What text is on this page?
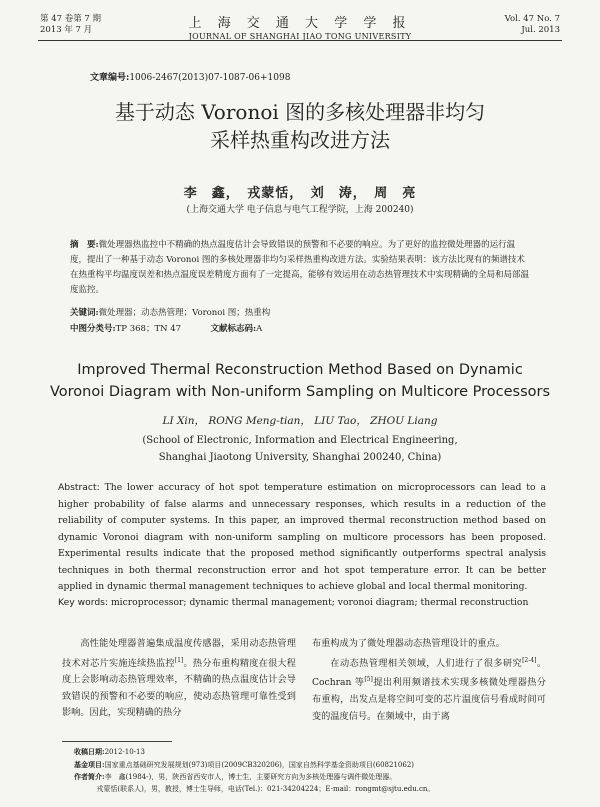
第 47 卷第 7 期
2013 年 7 月	上 海 交 通 大 学 学 报
JOURNAL OF SHANGHAI JIAO TONG UNIVERSITY
Vol. 47 No. 7
Jul. 2013
文章编号:1006-2467(2013)07-1087-06+1098
基于动态 Voronoi 图的多核处理器非均匀
采样热重构改进方法
李　鑫，　戎蒙恬，　刘　涛，　周　亮
(上海交通大学 电子信息与电气工程学院，上海 200240)
摘　要:微处理器热监控中不精确的热点温度估计会导致错误的预警和不必要的响应。为了更好的监控微处理器的运行温度，提出了一种基于动态 Voronoi 图的多核处理器非均匀采样热重构改进方法。实验结果表明：该方法比现有的频谱技术在热重构平均温度误差和热点温度误差精度方面有了一定提高，能够有效运用在动态热管理技术中实现精确的全局和局部温度监控。
关键词:微处理器；动态热管理；Voronoi 图；热重构
中图分类号:TP 368；TN 47	文献标志码:A
Improved Thermal Reconstruction Method Based on Dynamic
Voronoi Diagram with Non-uniform Sampling on Multicore Processors
LI Xin， RONG Meng-tian， LIU Tao， ZHOU Liang
(School of Electronic, Information and Electrical Engineering,
Shanghai Jiaotong University, Shanghai 200240, China)
Abstract: The lower accuracy of hot spot temperature estimation on microprocessors can lead to a higher probability of false alarms and unnecessary responses, which results in a reduction of the reliability of computer systems. In this paper, an improved thermal reconstruction method based on dynamic Voronoi diagram with non-uniform sampling on multicore processors has been proposed. Experimental results indicate that the proposed method significantly outperforms spectral analysis techniques in both thermal reconstruction error and hot spot temperature error. It can be better applied in dynamic thermal management techniques to achieve global and local thermal monitoring.
Key words: microprocessor; dynamic thermal management; voronoi diagram; thermal reconstruction
高性能处理器普遍集成温度传感器，采用动态热管理技术对芯片实施连续热监控[1]。热分布重构精度在很大程度上会影响动态热管理效率，不精确的热点温度估计会导致错误的预警和不必要的响应，使动态热管理可靠性受到影响。因此，实现精确的热分
布重构成为了微处理器动态热管理设计的重点。
在动态热管理相关领域，人们进行了很多研究[2-4]。Cochran 等[5]提出利用频谱技术实现多核微处理器热分布重构，出发点是将空间可变的芯片温度信号看成时间可变的温度信号。在频域中，由于离
收稿日期:2012-10-13
基金项目:国家重点基础研究发展规划(973)项目(2009CB320206)，国家自然科学基金资助项目(60821062)
作者简介:李　鑫(1984-)，男，陕西省西安市人，博士生，主要研究方向为多核处理器与调件微处理器。
戎蒙恬(联系人)，男，教授，博士生导师，电话(Tel.)：021-34204224；E-mail：rongmt@sjtu.edu.cn。
